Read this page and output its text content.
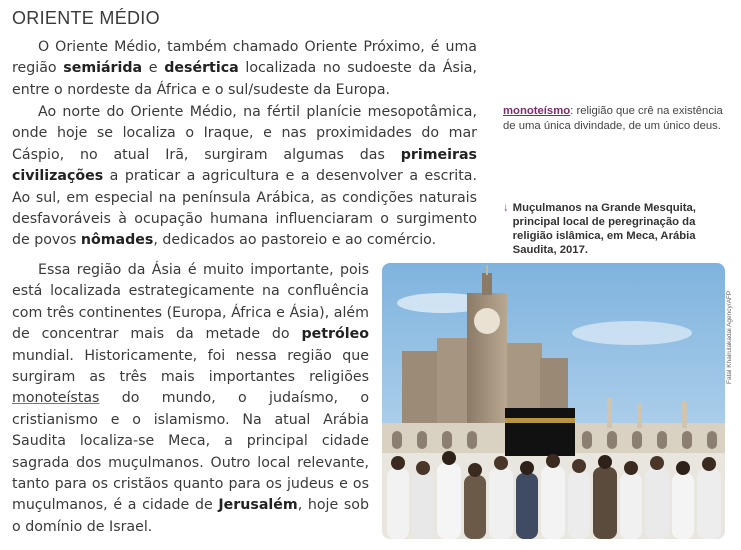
ORIENTE MÉDIO
O Oriente Médio, também chamado Oriente Próximo, é uma região semiárida e desértica localizada no sudoeste da Ásia, entre o nordeste da África e o sul/sudeste da Europa.
Ao norte do Oriente Médio, na fértil planície mesopotâmica, onde hoje se localiza o Iraque, e nas proximidades do mar Cáspio, no atual Irã, surgiram algumas das primeiras civilizações a praticar a agricultura e a desenvolver a escrita. Ao sul, em especial na península Arábica, as condições naturais desfavoráveis à ocupação humana influenciaram o surgimento de povos nômades, dedicados ao pastoreio e ao comércio.
Essa região da Ásia é muito importante, pois está localizada estrategicamente na confluência com três continentes (Europa, África e Ásia), além de concentrar mais da metade do petróleo mundial. Historicamente, foi nessa região que surgiram as três mais importantes religiões monoteístas do mundo, o judaísmo, o cristianismo e o islamismo. Na atual Arábia Saudita localiza-se Meca, a principal cidade sagrada dos muçulmanos. Outro local relevante, tanto para os cristãos quanto para os judeus e os muçulmanos, é a cidade de Jerusalém, hoje sob o domínio de Israel.
monoteísmo: religião que crê na existência de uma única divindade, de um único deus.
↓ Muçulmanos na Grande Mesquita, principal local de peregrinação da religião islâmica, em Meca, Arábia Saudita, 2017.
Fatal Khairulakadai Agency/AFP
